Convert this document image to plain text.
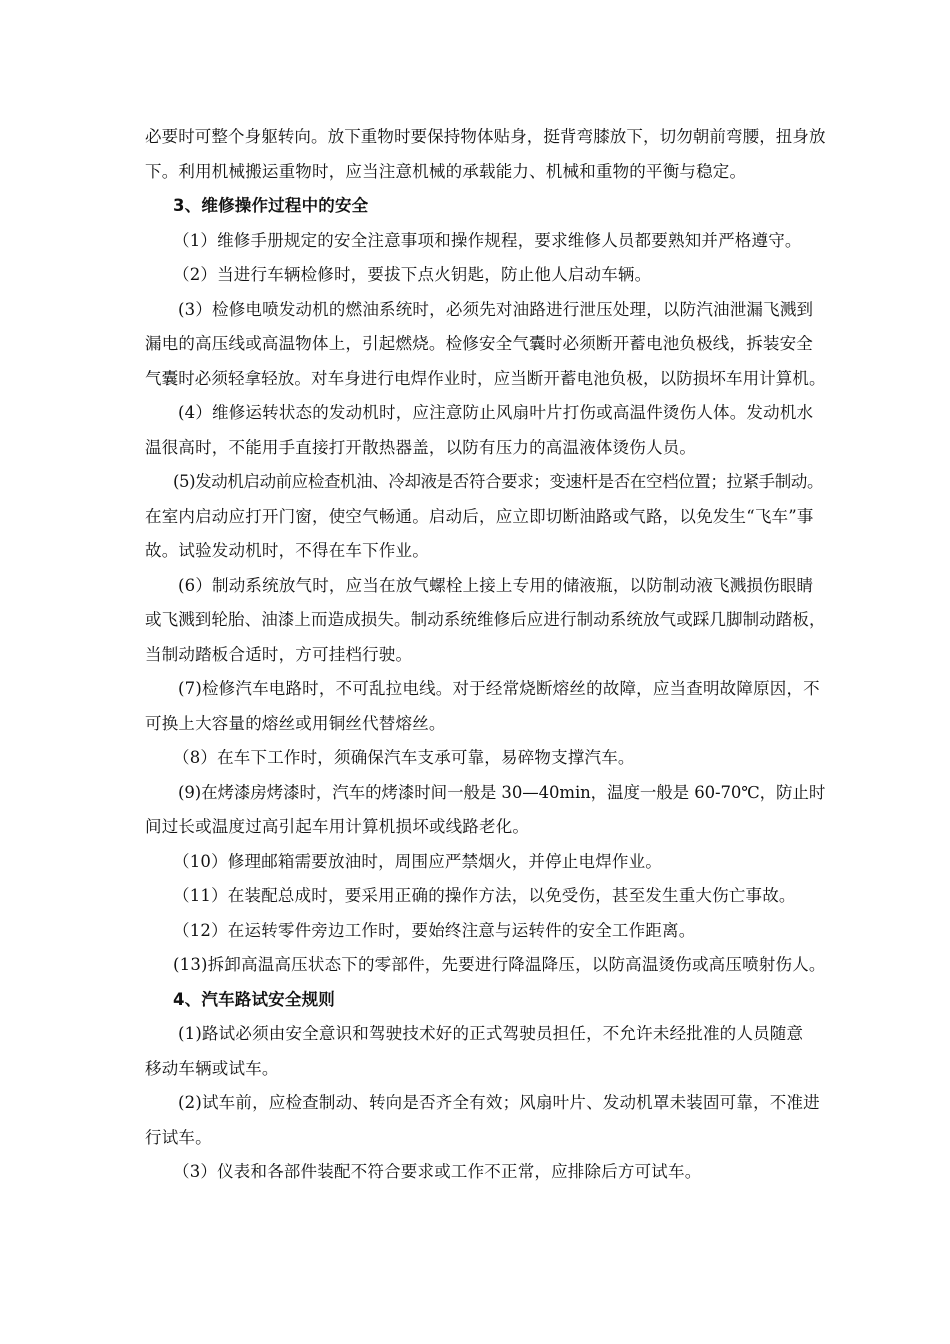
必要时可整个身躯转向。放下重物时要保持物体贴身，挺背弯膝放下，切勿朝前弯腰，扭身放
下。利用机械搬运重物时，应当注意机械的承载能力、机械和重物的平衡与稳定。
3、维修操作过程中的安全
（1）维修手册规定的安全注意事项和操作规程，要求维修人员都要熟知并严格遵守。
（2）当进行车辆检修时，要拔下点火钥匙，防止他人启动车辆。
(3）检修电喷发动机的燃油系统时，必须先对油路进行泄压处理，以防汽油泄漏飞溅到
漏电的高压线或高温物体上，引起燃烧。检修安全气囊时必须断开蓄电池负极线，拆装安全
气囊时必须轻拿轻放。对车身进行电焊作业时，应当断开蓄电池负极，以防损坏车用计算机。
(4）维修运转状态的发动机时，应注意防止风扇叶片打伤或高温件烫伤人体。发动机水
温很高时，不能用手直接打开散热器盖，以防有压力的高温液体烫伤人员。
(5)发动机启动前应检查机油、冷却液是否符合要求；变速杆是否在空档位置；拉紧手制动。
在室内启动应打开门窗，使空气畅通。启动后，应立即切断油路或气路，以免发生“飞车”事
故。试验发动机时，不得在车下作业。
(6）制动系统放气时，应当在放气螺栓上接上专用的储液瓶，以防制动液飞溅损伤眼睛
或飞溅到轮胎、油漆上而造成损失。制动系统维修后应进行制动系统放气或踩几脚制动踏板，
当制动踏板合适时，方可挂档行驶。
(7)检修汽车电路时，不可乱拉电线。对于经常烧断熔丝的故障，应当查明故障原因，不
可换上大容量的熔丝或用铜丝代替熔丝。
（8）在车下工作时，须确保汽车支承可靠，易碎物支撑汽车。
(9)在烤漆房烤漆时，汽车的烤漆时间一般是 30—40min，温度一般是 60-70℃，防止时
间过长或温度过高引起车用计算机损坏或线路老化。
（10）修理邮箱需要放油时，周围应严禁烟火，并停止电焊作业。
（11）在装配总成时，要采用正确的操作方法，以免受伤，甚至发生重大伤亡事故。
（12）在运转零件旁边工作时，要始终注意与运转件的安全工作距离。
(13)拆卸高温高压状态下的零部件，先要进行降温降压，以防高温烫伤或高压喷射伤人。
4、汽车路试安全规则
(1)路试必须由安全意识和驾驶技术好的正式驾驶员担任，不允许未经批准的人员随意
移动车辆或试车。
(2)试车前，应检查制动、转向是否齐全有效；风扇叶片、发动机罩未装固可靠，不准进
行试车。
（3）仪表和各部件装配不符合要求或工作不正常，应排除后方可试车。
